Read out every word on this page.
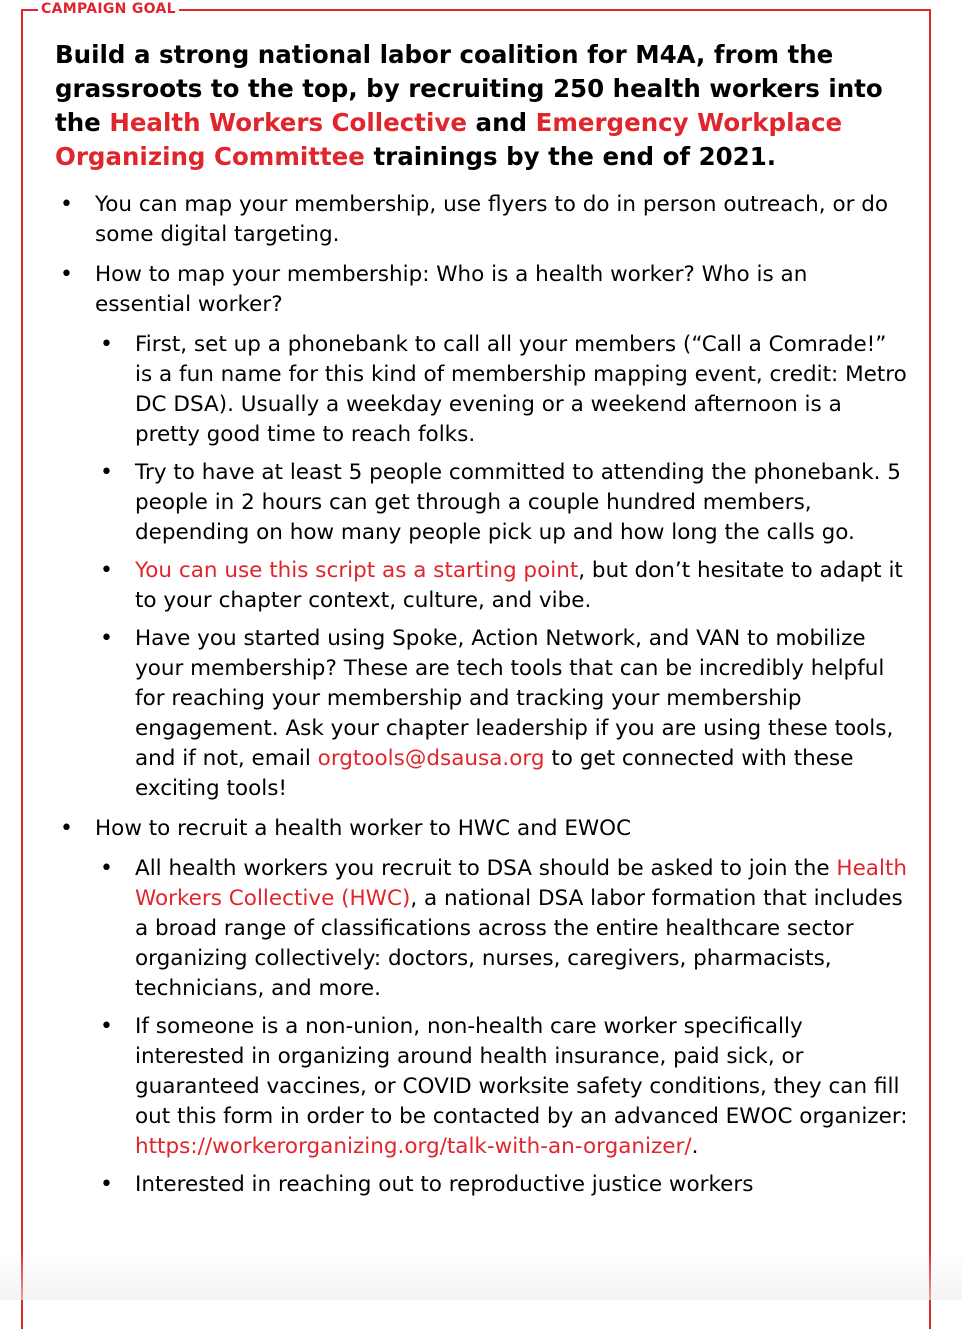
CAMPAIGN GOAL
Build a strong national labor coalition for M4A, from the grassroots to the top, by recruiting 250 health workers into the Health Workers Collective and Emergency Workplace Organizing Committee trainings by the end of 2021.
• You can map your membership, use flyers to do in person outreach, or do some digital targeting.
• How to map your membership: Who is a health worker? Who is an essential worker?
• First, set up a phonebank to call all your members (“Call a Comrade!” is a fun name for this kind of membership mapping event, credit: Metro DC DSA). Usually a weekday evening or a weekend afternoon is a pretty good time to reach folks.
• Try to have at least 5 people committed to attending the phonebank. 5 people in 2 hours can get through a couple hundred members, depending on how many people pick up and how long the calls go.
• You can use this script as a starting point, but don’t hesitate to adapt it to your chapter context, culture, and vibe.
• Have you started using Spoke, Action Network, and VAN to mobilize your membership? These are tech tools that can be incredibly helpful for reaching your membership and tracking your membership engagement. Ask your chapter leadership if you are using these tools, and if not, email orgtools@dsausa.org to get connected with these exciting tools!
• How to recruit a health worker to HWC and EWOC
• All health workers you recruit to DSA should be asked to join the Health Workers Collective (HWC), a national DSA labor formation that includes a broad range of classifications across the entire healthcare sector organizing collectively: doctors, nurses, caregivers, pharmacists, technicians, and more.
• If someone is a non-union, non-health care worker specifically interested in organizing around health insurance, paid sick, or guaranteed vaccines, or COVID worksite safety conditions, they can fill out this form in order to be contacted by an advanced EWOC organizer: https://workerorganizing.org/talk-with-an-organizer/.
• Interested in reaching out to reproductive justice workers
